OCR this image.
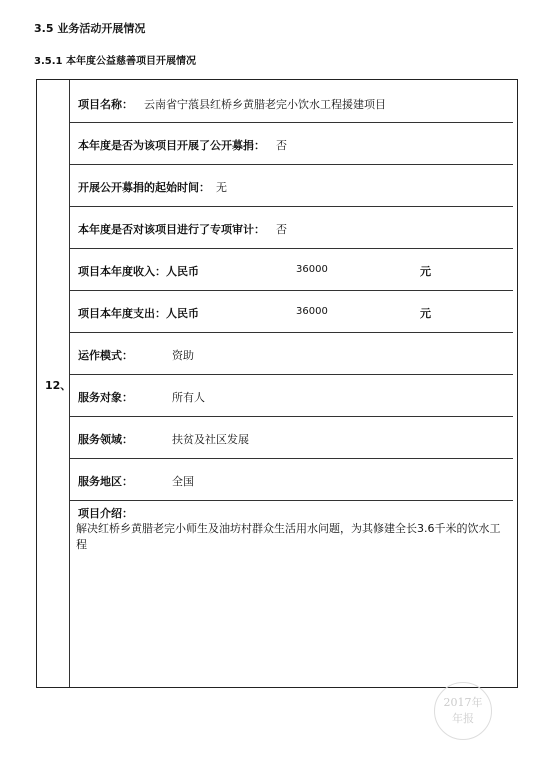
3.5 业务活动开展情况
3.5.1 本年度公益慈善项目开展情况
12、
项目名称： 云南省宁蒗县红桥乡黄腊老完小饮水工程援建项目
本年度是否为该项目开展了公开募捐： 否
开展公开募捐的起始时间： 无
本年度是否对该项目进行了专项审计： 否
项目本年度收入：人民币	36000	元
项目本年度支出：人民币	36000	元
运作模式：	资助
服务对象：	所有人
服务领域：	扶贫及社区发展
服务地区：	全国
项目介绍：
解决红桥乡黄腊老完小师生及油坊村群众生活用水问题，为其修建全长3.6千米的饮水工程
2017年
年报
